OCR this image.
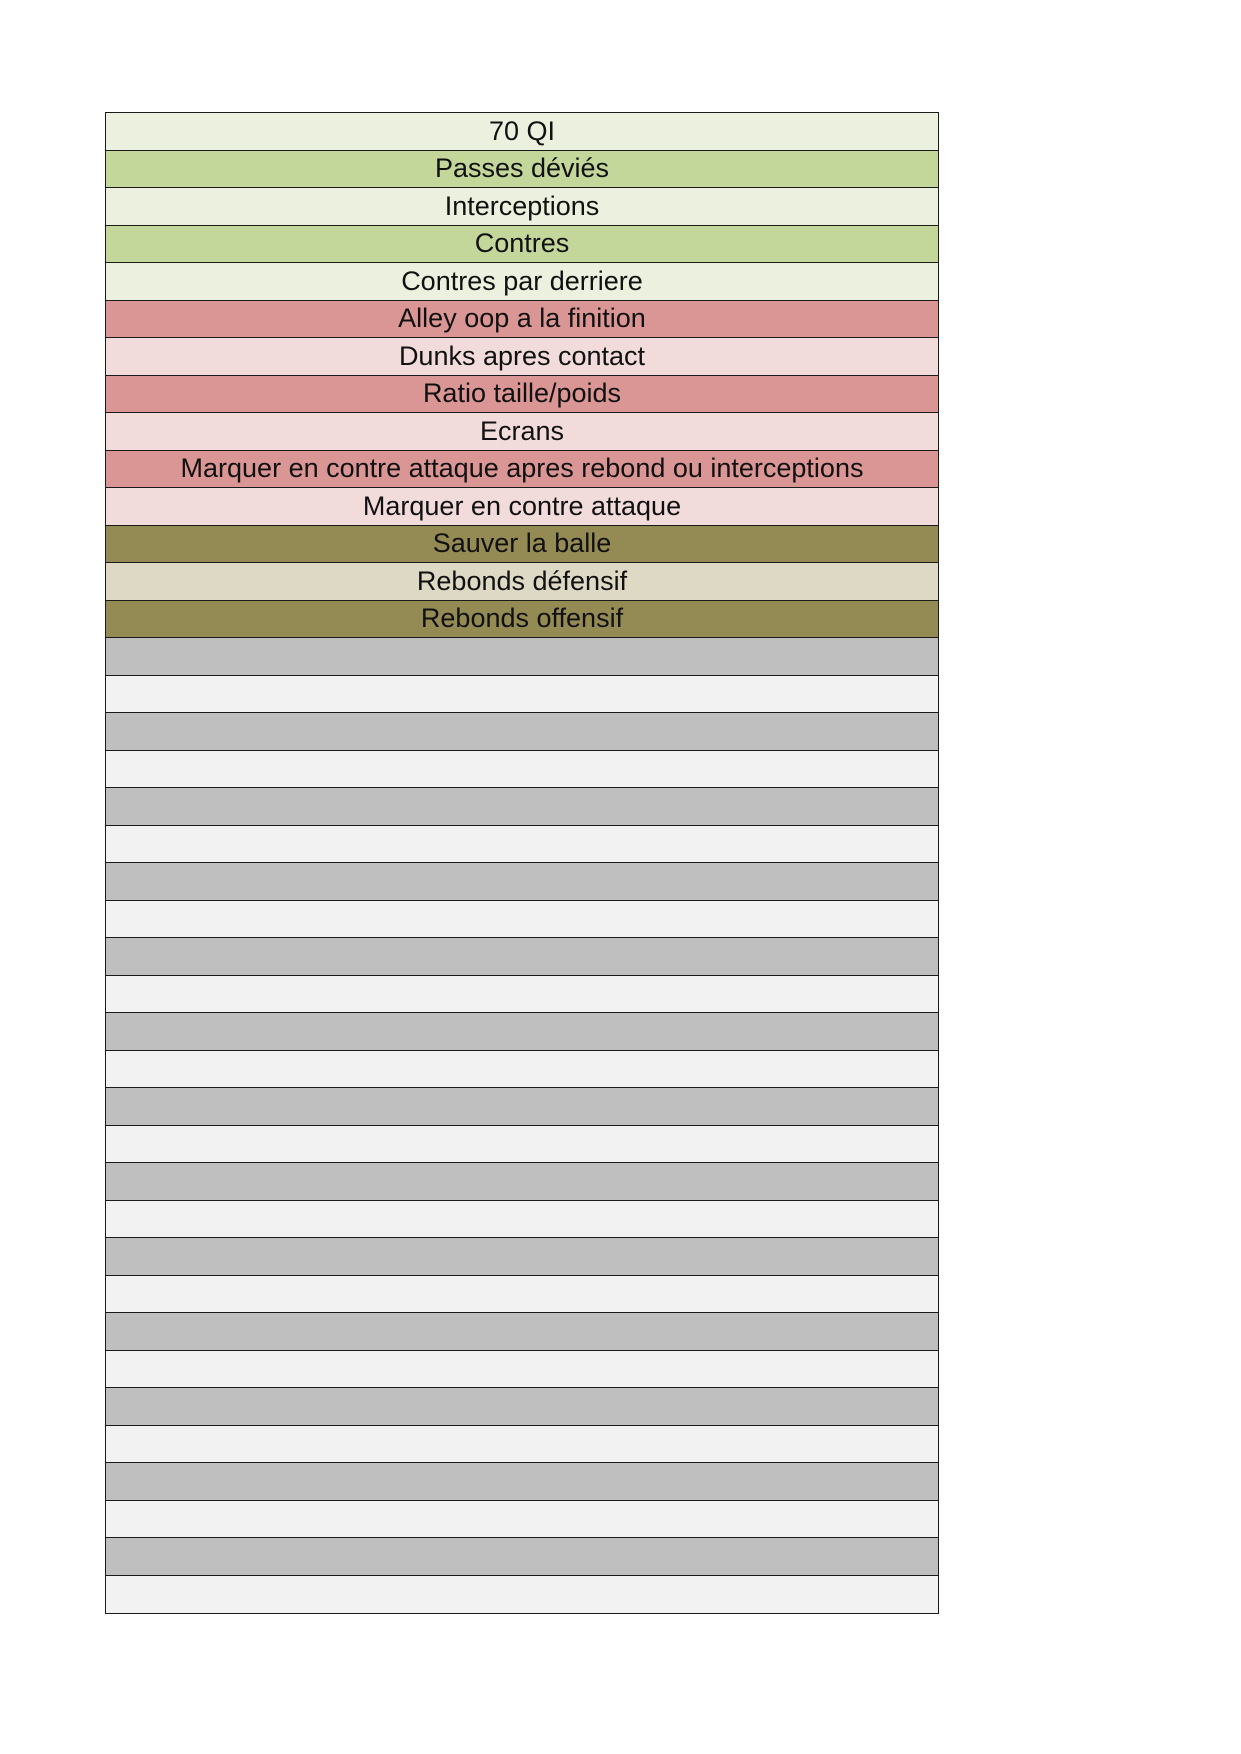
70 QI
Passes déviés
Interceptions
Contres
Contres par derriere
Alley oop a la finition
Dunks apres contact
Ratio taille/poids
Ecrans
Marquer en contre attaque apres rebond ou interceptions
Marquer en contre attaque
Sauver la balle
Rebonds défensif
Rebonds offensif
